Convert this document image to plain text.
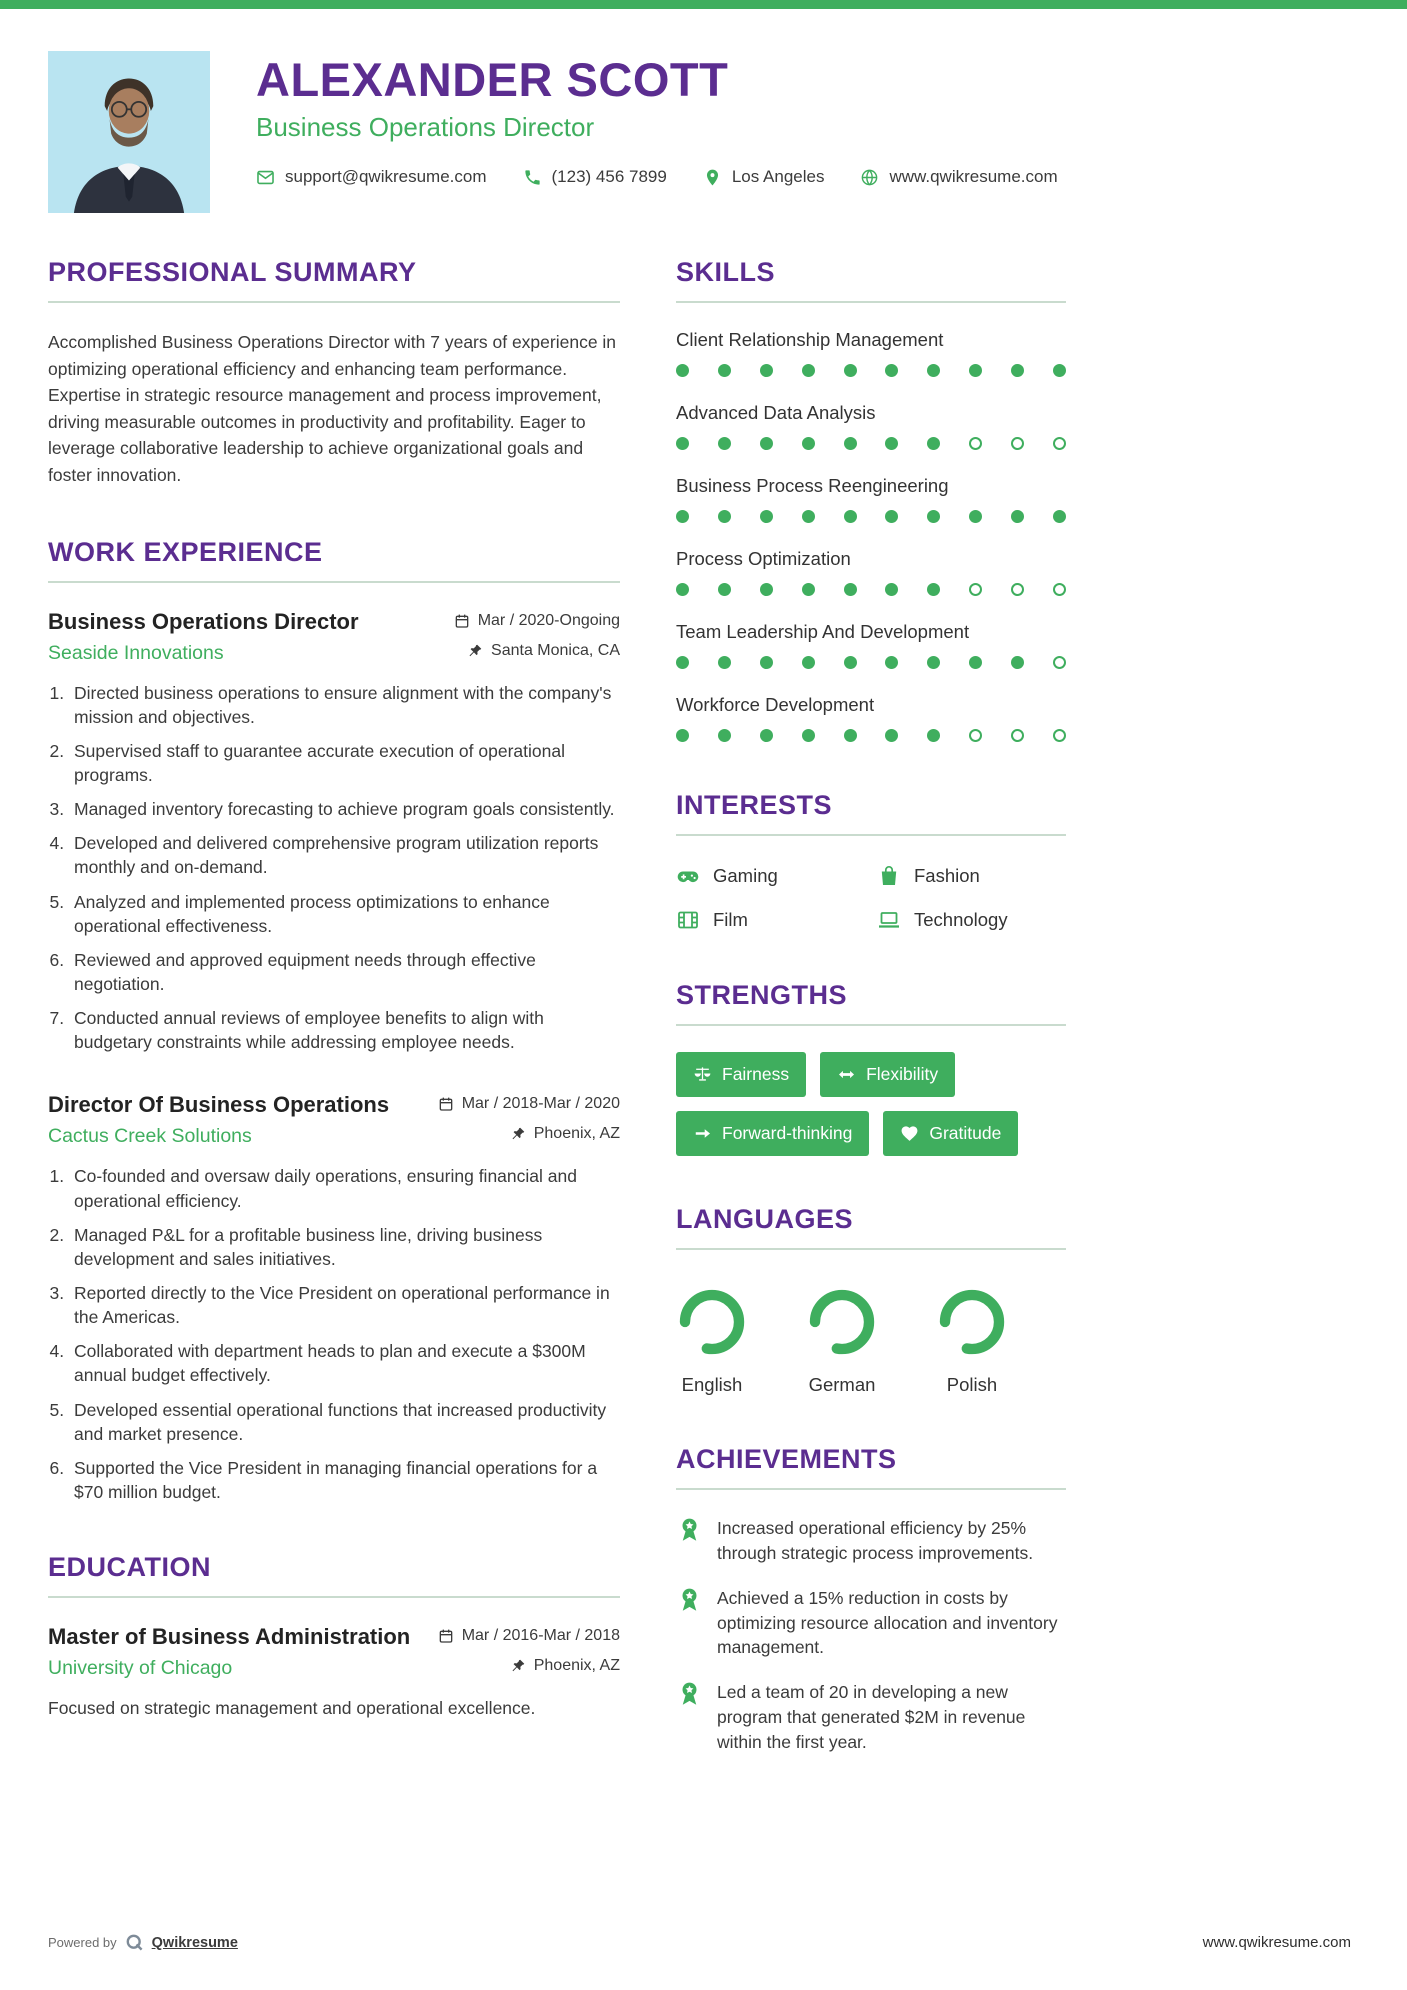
ALEXANDER SCOTT
Business Operations Director
support@qwikresume.com	(123) 456 7899	Los Angeles	www.qwikresume.com
PROFESSIONAL SUMMARY

Accomplished Business Operations Director with 7 years of experience in optimizing operational efficiency and enhancing team performance. Expertise in strategic resource management and process improvement, driving measurable outcomes in productivity and profitability. Eager to leverage collaborative leadership to achieve organizational goals and foster innovation.

WORK EXPERIENCE
Business Operations Director	Mar / 2020-Ongoing
Seaside Innovations	Santa Monica, CA
1. Directed business operations to ensure alignment with the company's mission and objectives.
2. Supervised staff to guarantee accurate execution of operational programs.
3. Managed inventory forecasting to achieve program goals consistently.
4. Developed and delivered comprehensive program utilization reports monthly and on-demand.
5. Analyzed and implemented process optimizations to enhance operational effectiveness.
6. Reviewed and approved equipment needs through effective negotiation.
7. Conducted annual reviews of employee benefits to align with budgetary constraints while addressing employee needs.
Director Of Business Operations	Mar / 2018-Mar / 2020
Cactus Creek Solutions	Phoenix, AZ
1. Co-founded and oversaw daily operations, ensuring financial and operational efficiency.
2. Managed P&L for a profitable business line, driving business development and sales initiatives.
3. Reported directly to the Vice President on operational performance in the Americas.
4. Collaborated with department heads to plan and execute a $300M annual budget effectively.
5. Developed essential operational functions that increased productivity and market presence.
6. Supported the Vice President in managing financial operations for a $70 million budget.
EDUCATION
Master of Business Administration	Mar / 2016-Mar / 2018
University of Chicago	Phoenix, AZ

Focused on strategic management and operational excellence.

SKILLS
Client Relationship Management
Advanced Data Analysis
Business Process Reengineering
Process Optimization
Team Leadership And Development
Workforce Development
INTERESTS
Gaming	Fashion
Film	Technology
STRENGTHS
Fairness	Flexibility
Forward-thinking	Gratitude
LANGUAGES
English	German	Polish
ACHIEVEMENTS
Increased operational efficiency by 25% through strategic process improvements.
Achieved a 15% reduction in costs by optimizing resource allocation and inventory management.
Led a team of 20 in developing a new program that generated $2M in revenue within the first year.
Powered by Qwikresume	www.qwikresume.com
